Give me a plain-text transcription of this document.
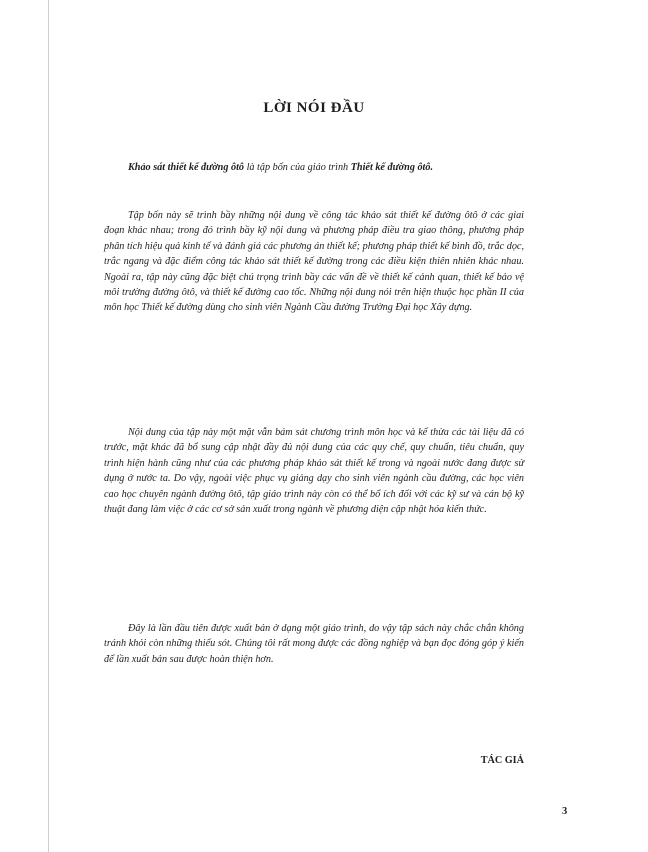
LỜI NÓI ĐẦU

Khảo sát thiết kế đường ôtô là tập bốn của giáo trình Thiết kế đường ôtô.

Tập bốn này sẽ trình bầy những nội dung về công tác khảo sát thiết kế đường ôtô ở các giai đoạn khác nhau; trong đó trình bầy kỹ nội dung và phương pháp điều tra giao thông, phương pháp phân tích hiệu quả kinh tế và đánh giá các phương án thiết kế; phương pháp thiết kế bình đồ, trắc dọc, trắc ngang và đặc điểm công tác khảo sát thiết kế đường trong các điều kiện thiên nhiên khác nhau. Ngoài ra, tập này cũng đặc biệt chú trọng trình bầy các vấn đề về thiết kế cảnh quan, thiết kế bảo vệ môi trường đường ôtô, và thiết kế đường cao tốc. Những nội dung nói trên hiện thuộc học phần II của môn học Thiết kế đường dùng cho sinh viên Ngành Cầu đường Trường Đại học Xây dựng.

Nội dung của tập này một mặt vẫn bám sát chương trình môn học và kế thừa các tài liệu đã có trước, mặt khác đã bổ sung cập nhật đầy đủ nội dung của các quy chế, quy chuẩn, tiêu chuẩn, quy trình hiện hành cũng như của các phương pháp khảo sát thiết kế trong và ngoài nước đang được sử dụng ở nước ta. Do vậy, ngoài việc phục vụ giảng dạy cho sinh viên ngành cầu đường, các học viên cao học chuyên ngành đường ôtô, tập giáo trình này còn có thể bổ ích đối với các kỹ sư và cán bộ kỹ thuật đang làm việc ở các cơ sở sản xuất trong ngành về phương diện cập nhật hóa kiến thức.

Đây là lần đầu tiên được xuất bản ở dạng một giáo trình, do vậy tập sách này chắc chắn không tránh khỏi còn những thiếu sót. Chúng tôi rất mong được các đồng nghiệp và bạn đọc đóng góp ý kiến để lần xuất bản sau được hoàn thiện hơn.

TÁC GIẢ
3
